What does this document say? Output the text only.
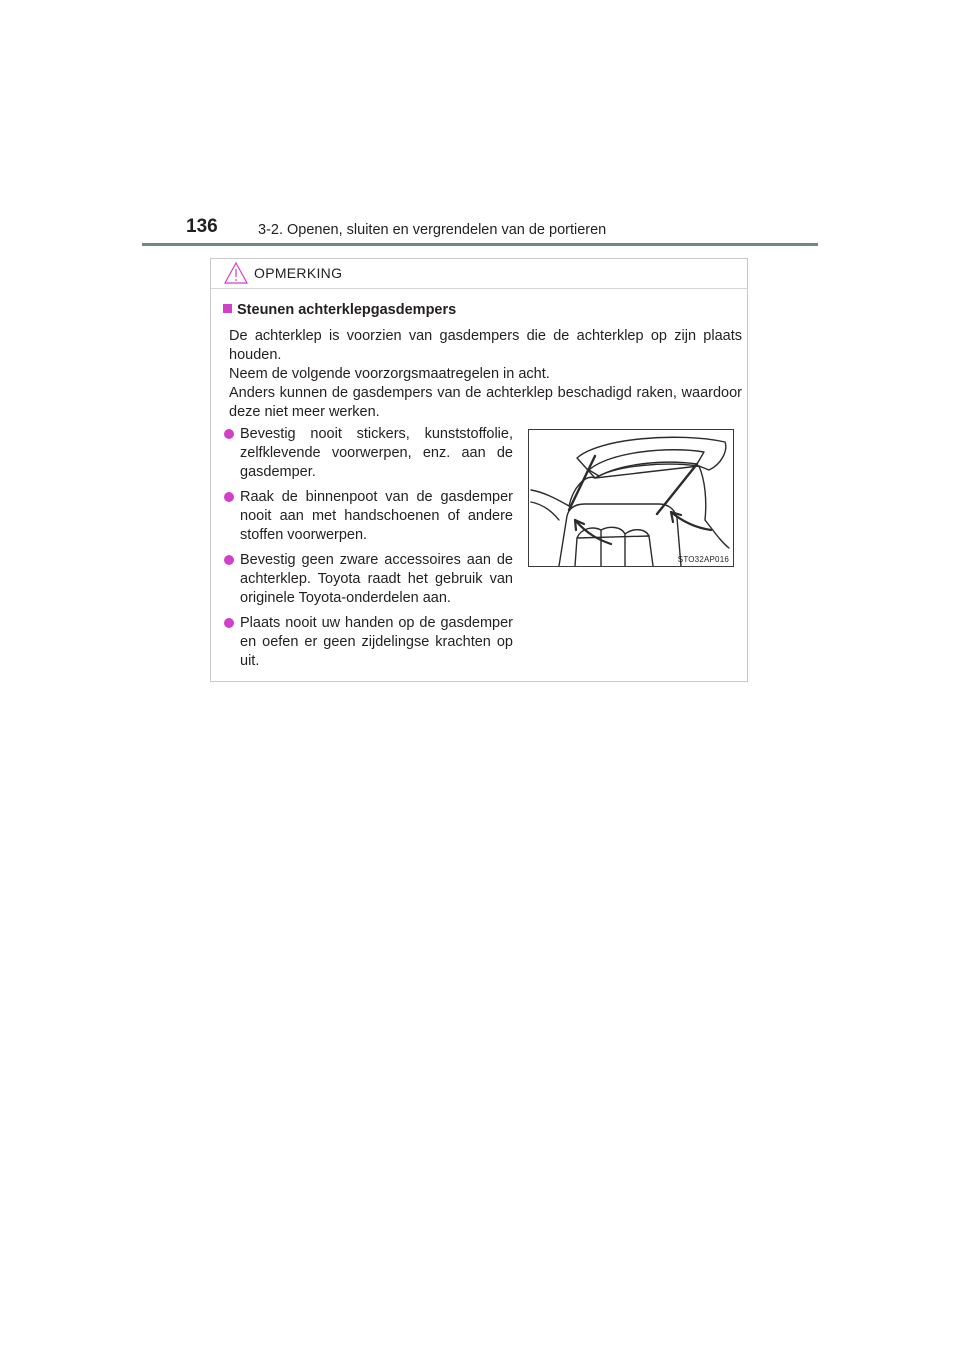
136	3-2. Openen, sluiten en vergrendelen van de portieren
OPMERKING
Steunen achterklepgasdempers
De achterklep is voorzien van gasdempers die de achterklep op zijn plaats houden.
Neem de volgende voorzorgsmaatregelen in acht.
Anders kunnen de gasdempers van de achterklep beschadigd raken, waardoor deze niet meer werken.
Bevestig nooit stickers, kunststoffolie, zelfklevende voorwerpen, enz. aan de gasdemper.
Raak de binnenpoot van de gasdemper nooit aan met handschoenen of andere stoffen voorwerpen.
Bevestig geen zware accessoires aan de achterklep. Toyota raadt het gebruik van originele Toyota-onderdelen aan.
Plaats nooit uw handen op de gasdemper en oefen er geen zijdelingse krachten op uit.
STO32AP016
